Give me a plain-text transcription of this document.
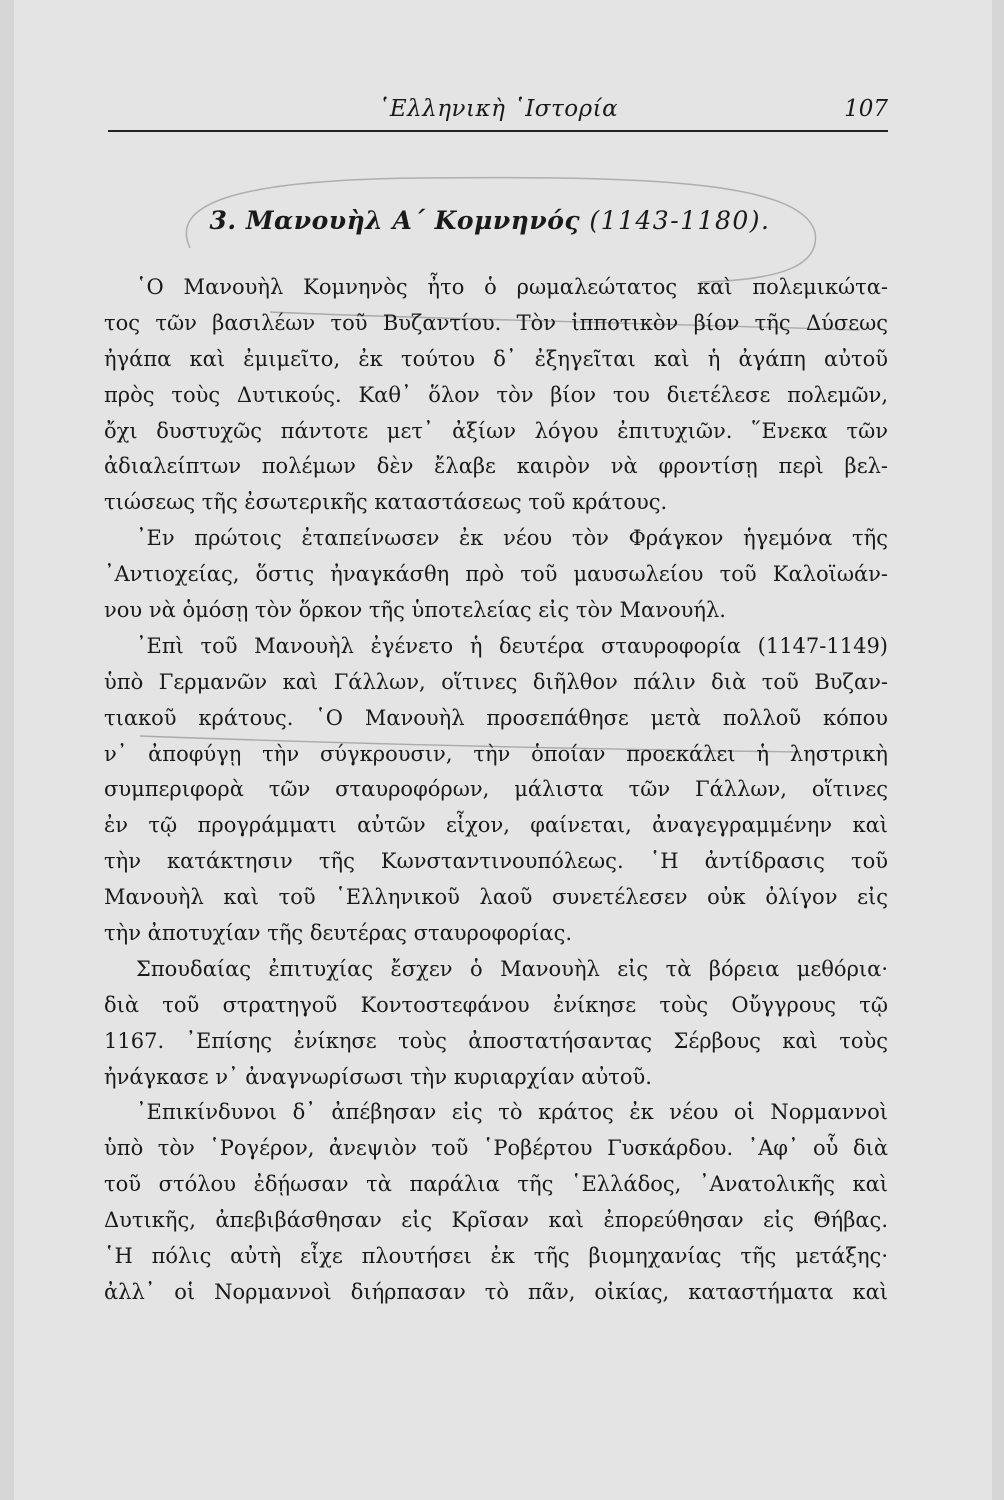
῾Ελληνικὴ ῾Ιστορία	107
3. Μανουὴλ Α΄ Κομνηνός (1143-1180).
῾Ο Μανουὴλ Κομνηνὸς ἦτο ὁ ρωμαλεώτατος καὶ πολεμικώτα-
τος τῶν βασιλέων τοῦ Βυζαντίου. Τὸν ἱπποτικὸν βίον τῆς Δύσεως
ἠγάπα καὶ ἐμιμεῖτο, ἐκ τούτου δ᾿ ἐξηγεῖται καὶ ἡ ἀγάπη αὐτοῦ
πρὸς τοὺς Δυτικούς. Καθ᾿ ὅλον τὸν βίον του διετέλεσε πολεμῶν,
ὄχι δυστυχῶς πάντοτε μετ᾿ ἀξίων λόγου ἐπιτυχιῶν. ῞Ενεκα τῶν
ἀδιαλείπτων πολέμων δὲν ἔλαβε καιρὸν νὰ φροντίσῃ περὶ βελ-
τιώσεως τῆς ἐσωτερικῆς καταστάσεως τοῦ κράτους.
᾿Εν πρώτοις ἐταπείνωσεν ἐκ νέου τὸν Φράγκον ἡγεμόνα τῆς
᾿Αντιοχείας, ὅστις ἠναγκάσθη πρὸ τοῦ μαυσωλείου τοῦ Καλοϊωάν-
νου νὰ ὁμόσῃ τὸν ὅρκον τῆς ὑποτελείας εἰς τὸν Μανουήλ.
᾿Επὶ τοῦ Μανουὴλ ἐγένετο ἡ δευτέρα σταυροφορία (1147-1149)
ὑπὸ Γερμανῶν καὶ Γάλλων, οἵτινες διῆλθον πάλιν διὰ τοῦ Βυζαν-
τιακοῦ κράτους. ῾Ο Μανουὴλ προσεπάθησε μετὰ πολλοῦ κόπου
ν᾿ ἀποφύγῃ τὴν σύγκρουσιν, τὴν ὁποίαν προεκάλει ἡ ληστρικὴ
συμπεριφορὰ τῶν σταυροφόρων, μάλιστα τῶν Γάλλων, οἵτινες
ἐν τῷ προγράμματι αὐτῶν εἶχον, φαίνεται, ἀναγεγραμμένην καὶ
τὴν κατάκτησιν τῆς Κωνσταντινουπόλεως. ῾Η ἀντίδρασις τοῦ
Μανουὴλ καὶ τοῦ ῾Ελληνικοῦ λαοῦ συνετέλεσεν οὐκ ὀλίγον εἰς
τὴν ἀποτυχίαν τῆς δευτέρας σταυροφορίας.
Σπουδαίας ἐπιτυχίας ἔσχεν ὁ Μανουὴλ εἰς τὰ βόρεια μεθόρια·
διὰ τοῦ στρατηγοῦ Κοντοστεφάνου ἐνίκησε τοὺς Οὔγγρους τῷ
1167. ᾿Επίσης ἐνίκησε τοὺς ἀποστατήσαντας Σέρβους καὶ τοὺς
ἠνάγκασε ν᾿ ἀναγνωρίσωσι τὴν κυριαρχίαν αὐτοῦ.
᾿Επικίνδυνοι δ᾿ ἀπέβησαν εἰς τὸ κράτος ἐκ νέου οἱ Νορμαννοὶ
ὑπὸ τὸν ῾Ρογέρον, ἀνεψιὸν τοῦ ῾Ροβέρτου Γυσκάρδου. ᾿Αφ᾿ οὗ διὰ
τοῦ στόλου ἐδῄωσαν τὰ παράλια τῆς ῾Ελλάδος, ᾿Ανατολικῆς καὶ
Δυτικῆς, ἀπεβιβάσθησαν εἰς Κρῖσαν καὶ ἐπορεύθησαν εἰς Θήβας.
῾Η πόλις αὐτὴ εἶχε πλουτήσει ἐκ τῆς βιομηχανίας τῆς μετάξης·
ἀλλ᾿ οἱ Νορμαννοὶ διήρπασαν τὸ πᾶν, οἰκίας, καταστήματα καὶ
